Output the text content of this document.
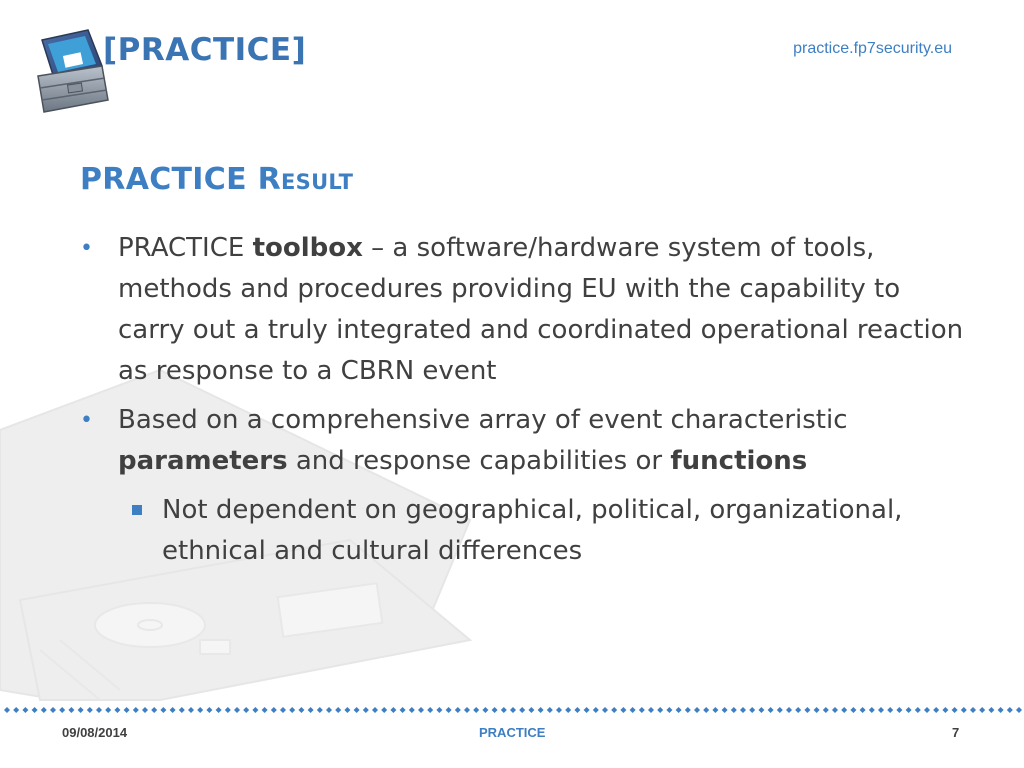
[PRACTICE]	practice.fp7security.eu
PRACTICE Result
• PRACTICE toolbox – a software/hardware system of tools, methods and procedures providing EU with the capability to carry out a truly integrated and coordinated operational reaction as response to a CBRN event
• Based on a comprehensive array of event characteristic parameters and response capabilities or functions
Not dependent on geographical, political, organizational, ethnical and cultural differences
09/08/2014	PRACTICE	7
